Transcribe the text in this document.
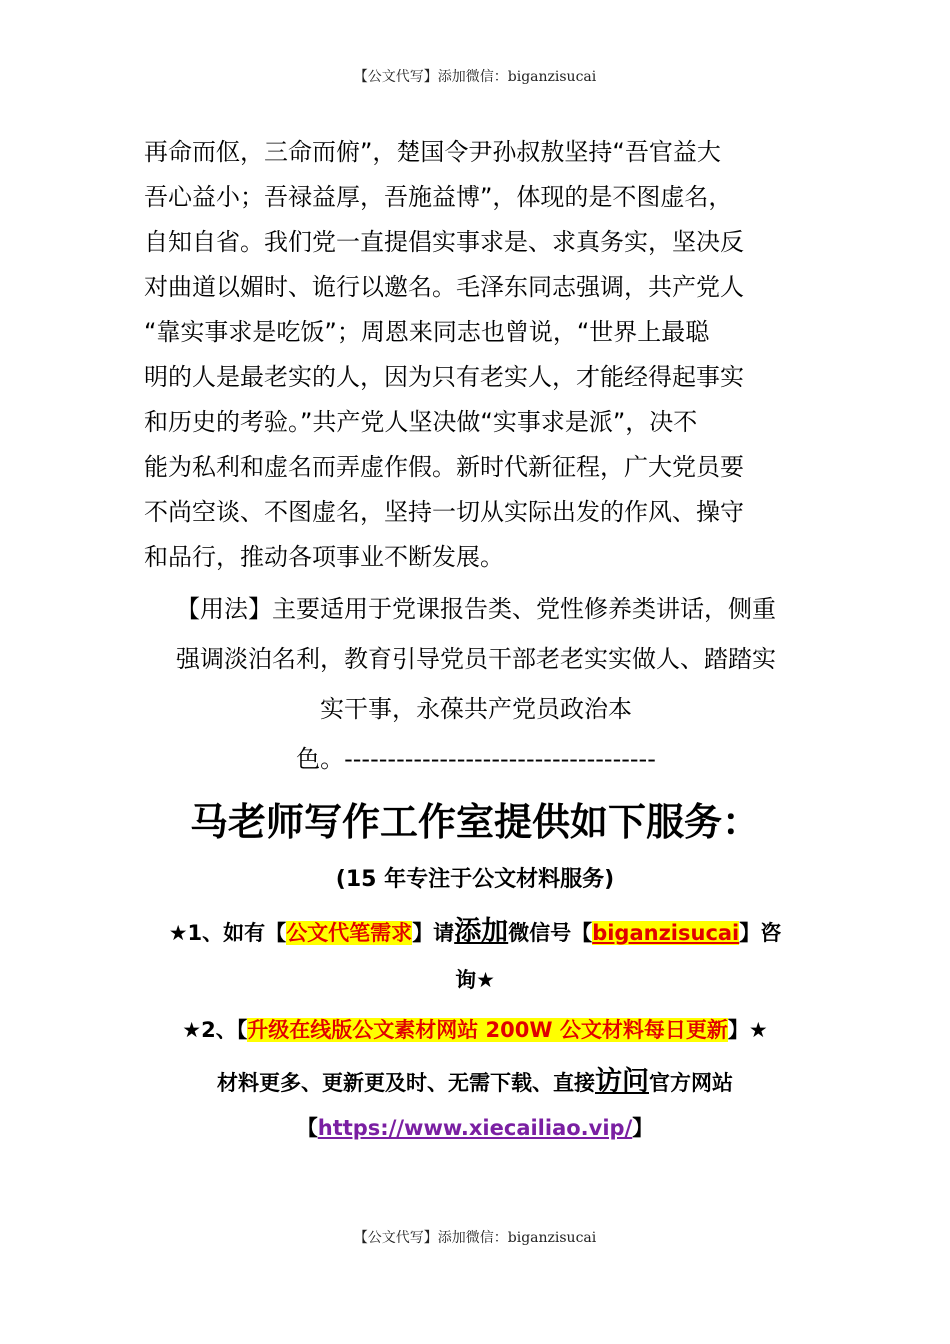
【公文代写】添加微信：biganzisucai
再命而伛，三命而俯”，楚国令尹孙叔敖坚持“吾官益大
吾心益小；吾禄益厚，吾施益博”，体现的是不图虚名，
自知自省。我们党一直提倡实事求是、求真务实，坚决反
对曲道以媚时、诡行以邀名。毛泽东同志强调，共产党人
“靠实事求是吃饭”；周恩来同志也曾说，“世界上最聪
明的人是最老实的人，因为只有老实人，才能经得起事实
和历史的考验。”共产党人坚决做“实事求是派”，决不
能为私利和虚名而弄虚作假。新时代新征程，广大党员要
不尚空谈、不图虚名，坚持一切从实际出发的作风、操守
和品行，推动各项事业不断发展。
【用法】主要适用于党课报告类、党性修养类讲话，侧重
强调淡泊名利，教育引导党员干部老老实实做人、踏踏实
实干事，永葆共产党员政治本
色。------------------------------------
马老师写作工作室提供如下服务：
(15 年专注于公文材料服务)
★1、如有【公文代笔需求】请添加微信号【biganzisucai】咨
询★
★2、【升级在线版公文素材网站 200W 公文材料每日更新】★
材料更多、更新更及时、无需下载、直接访问官方网站
【https://www.xiecailiao.vip/】
【公文代写】添加微信：biganzisucai
